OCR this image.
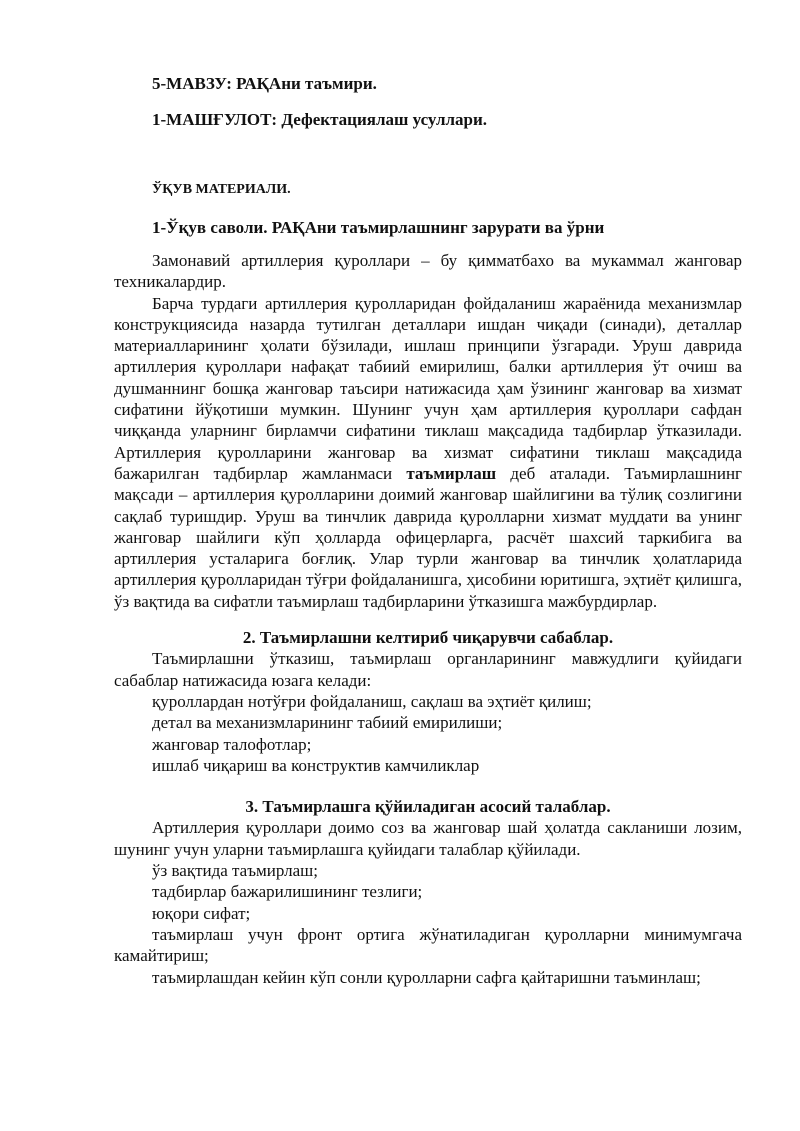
5-МАВЗУ: РАҚАни таъмири.
1-МАШҒУЛОТ: Дефектациялаш усуллари.
ЎҚУВ МАТЕРИАЛИ.
1-Ўқув саволи. РАҚАни таъмирлашнинг зарурати ва ўрни

Замонавий артиллерия қуроллари – бу қимматбахо ва мукаммал жанговар техникалардир.

Барча турдаги артиллерия қуролларидан фойдаланиш жараёнида механизмлар конструкциясида назарда тутилган деталлари ишдан чиқади (синади), деталлар материалларининг ҳолати бўзилади, ишлаш принципи ўзгаради. Уруш даврида артиллерия қуроллари нафақат табиий емирилиш, балки артиллерия ўт очиш ва душманнинг бошқа жанговар таъсири натижасида ҳам ўзининг жанговар ва хизмат сифатини йўқотиши мумкин. Шунинг учун ҳам артиллерия қуроллари сафдан чиққанда уларнинг бирламчи сифатини тиклаш мақсадида тадбирлар ўтказилади. Артиллерия қуролларини жанговар ва хизмат сифатини тиклаш мақсадида бажарилган тадбирлар жамланмаси таъмирлаш деб аталади. Таъмирлашнинг мақсади – артиллерия қуролларини доимий жанговар шайлигини ва тўлиқ созлигини сақлаб туришдир. Уруш ва тинчлик даврида қуролларни хизмат муддати ва унинг жанговар шайлиги кўп ҳолларда офицерларга, расчёт шахсий таркибига ва артиллерия усталарига боғлиқ. Улар турли жанговар ва тинчлик ҳолатларида артиллерия қуролларидан тўғри фойдаланишга, ҳисобини юритишга, эҳтиёт қилишга, ўз вақтида ва сифатли таъмирлаш тадбирларини ўтказишга мажбурдирлар.

2. Таъмирлашни келтириб чиқарувчи сабаблар.

Таъмирлашни ўтказиш, таъмирлаш органларининг мавжудлиги қуйидаги сабаблар натижасида юзага келади:

қуроллардан нотўғри фойдаланиш, сақлаш ва эҳтиёт қилиш;

детал ва механизмларининг табиий емирилиши;

жанговар талофотлар;

ишлаб чиқариш ва конструктив камчиликлар

3. Таъмирлашга қўйиладиган асосий талаблар.

Артиллерия қуроллари доимо соз ва жанговар шай ҳолатда сакланиши лозим, шунинг учун уларни таъмирлашга қуйидаги талаблар қўйилади.

ўз вақтида таъмирлаш;

тадбирлар бажарилишининг тезлиги;

юқори сифат;

таъмирлаш учун фронт ортига жўнатиладиган қуролларни минимумгача камайтириш;

таъмирлашдан кейин кўп сонли қуролларни сафга қайтаришни таъминлаш;
